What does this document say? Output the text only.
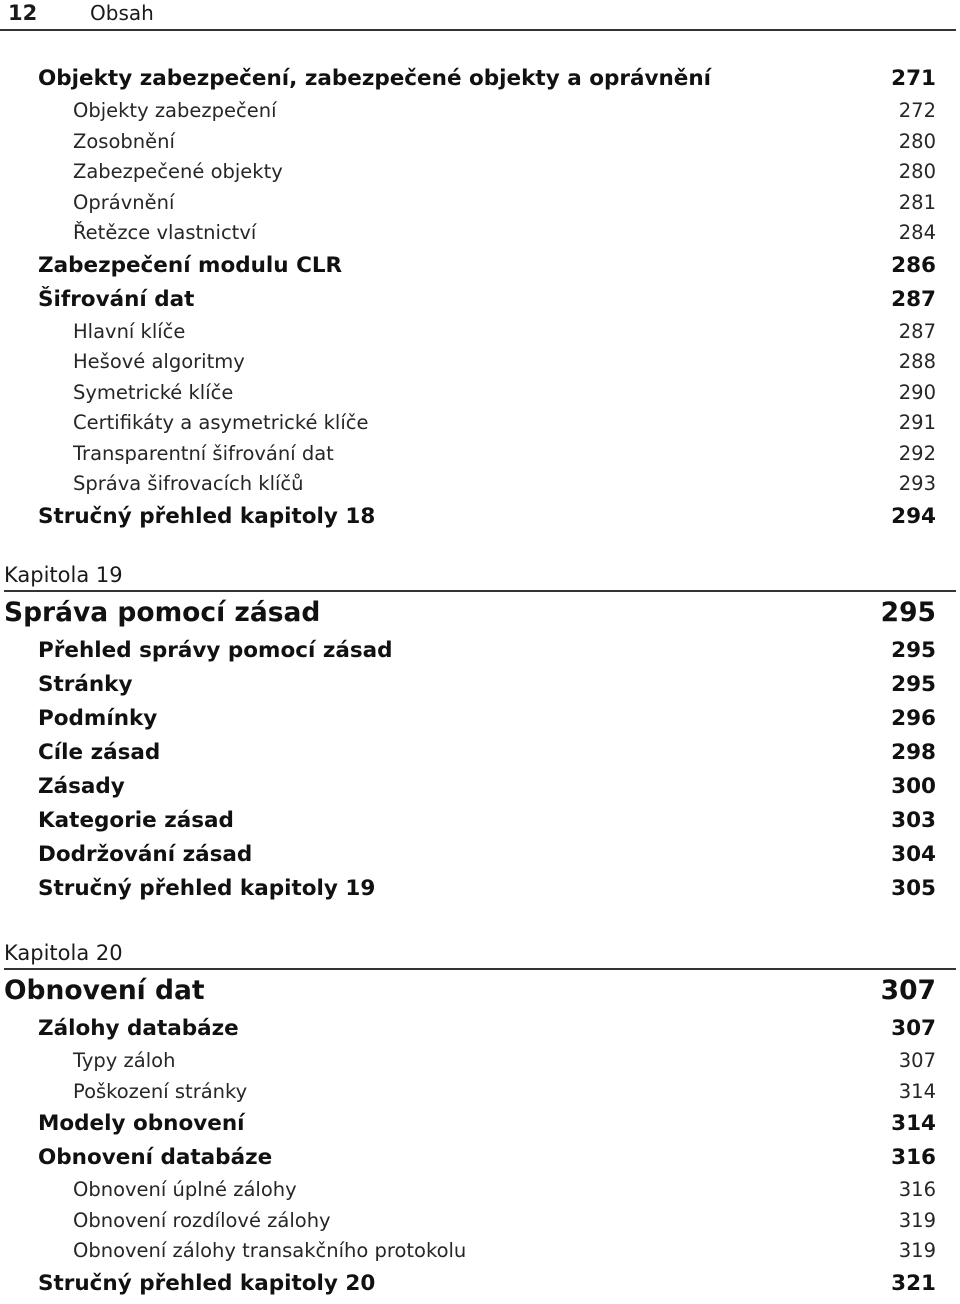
12	Obsah
Objekty zabezpečení, zabezpečené objekty a oprávnění	271
Objekty zabezpečení	272
Zosobnění	280
Zabezpečené objekty	280
Oprávnění	281
Řetězce vlastnictví	284
Zabezpečení modulu CLR	286
Šifrování dat	287
Hlavní klíče	287
Hešové algoritmy	288
Symetrické klíče	290
Certifikáty a asymetrické klíče	291
Transparentní šifrování dat	292
Správa šifrovacích klíčů	293
Stručný přehled kapitoly 18	294
Kapitola 19
Správa pomocí zásad	295
Přehled správy pomocí zásad	295
Stránky	295
Podmínky	296
Cíle zásad	298
Zásady	300
Kategorie zásad	303
Dodržování zásad	304
Stručný přehled kapitoly 19	305
Kapitola 20
Obnovení dat	307
Zálohy databáze	307
Typy záloh	307
Poškození stránky	314
Modely obnovení	314
Obnovení databáze	316
Obnovení úplné zálohy	316
Obnovení rozdílové zálohy	319
Obnovení zálohy transakčního protokolu	319
Stručný přehled kapitoly 20	321
